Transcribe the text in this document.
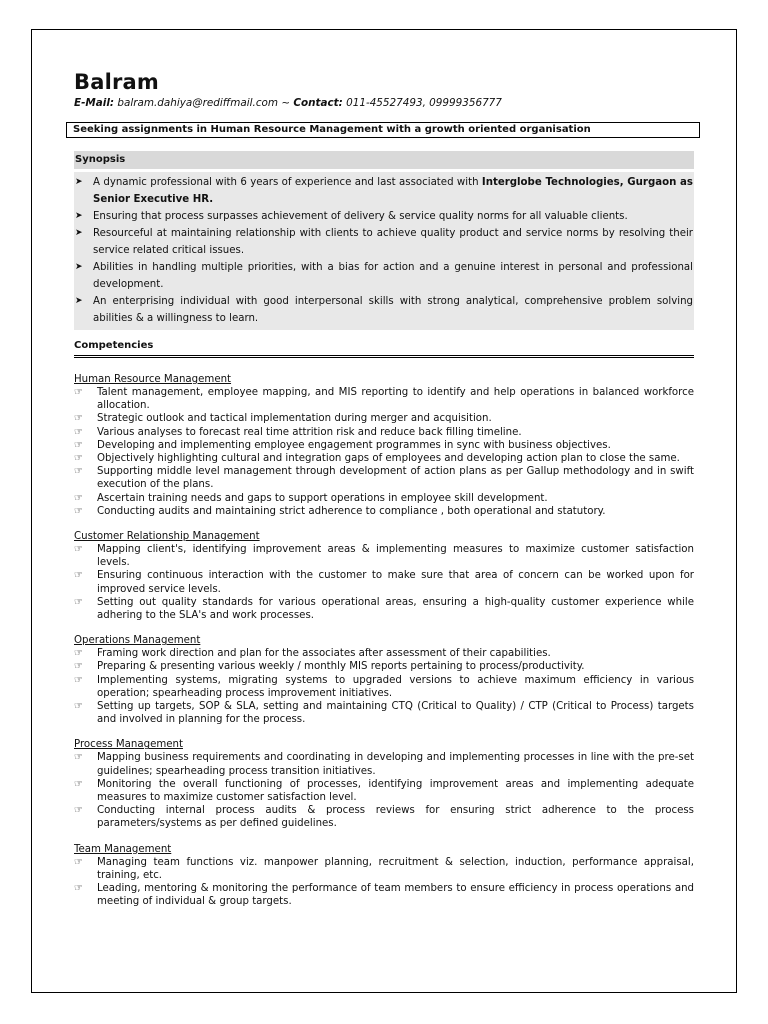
Balram
E-Mail: balram.dahiya@rediffmail.com ~ Contact: 011-45527493, 09999356777
Seeking assignments in Human Resource Management with a growth oriented organisation
Synopsis
➤ A dynamic professional with 6 years of experience and last associated with Interglobe Technologies, Gurgaon as Senior Executive HR.
➤ Ensuring that process surpasses achievement of delivery & service quality norms for all valuable clients.
➤ Resourceful at maintaining relationship with clients to achieve quality product and service norms by resolving their service related critical issues.
➤ Abilities in handling multiple priorities, with a bias for action and a genuine interest in personal and professional development.
➤ An enterprising individual with good interpersonal skills with strong analytical, comprehensive problem solving abilities & a willingness to learn.
Competencies
Human Resource Management
☞ Talent management, employee mapping, and MIS reporting to identify and help operations in balanced workforce allocation.
☞ Strategic outlook and tactical implementation during merger and acquisition.
☞ Various analyses to forecast real time attrition risk and reduce back filling timeline.
☞ Developing and implementing employee engagement programmes in sync with business objectives.
☞ Objectively highlighting cultural and integration gaps of employees and developing action plan to close the same.
☞ Supporting middle level management through development of action plans as per Gallup methodology and in swift execution of the plans.
☞ Ascertain training needs and gaps to support operations in employee skill development.
☞ Conducting audits and maintaining strict adherence to compliance , both operational and statutory.
Customer Relationship Management
☞ Mapping client's, identifying improvement areas & implementing measures to maximize customer satisfaction levels.
☞ Ensuring continuous interaction with the customer to make sure that area of concern can be worked upon for improved service levels.
☞ Setting out quality standards for various operational areas, ensuring a high-quality customer experience while adhering to the SLA's and work processes.
Operations Management
☞ Framing work direction and plan for the associates after assessment of their capabilities.
☞ Preparing & presenting various weekly / monthly MIS reports pertaining to process/productivity.
☞ Implementing systems, migrating systems to upgraded versions to achieve maximum efficiency in various operation; spearheading process improvement initiatives.
☞ Setting up targets, SOP & SLA, setting and maintaining CTQ (Critical to Quality) / CTP (Critical to Process) targets and involved in planning for the process.
Process Management
☞ Mapping business requirements and coordinating in developing and implementing processes in line with the pre-set guidelines; spearheading process transition initiatives.
☞ Monitoring the overall functioning of processes, identifying improvement areas and implementing adequate measures to maximize customer satisfaction level.
☞ Conducting internal process audits & process reviews for ensuring strict adherence to the process parameters/systems as per defined guidelines.
Team Management
☞ Managing team functions viz. manpower planning, recruitment & selection, induction, performance appraisal, training, etc.
☞ Leading, mentoring & monitoring the performance of team members to ensure efficiency in process operations and meeting of individual & group targets.
